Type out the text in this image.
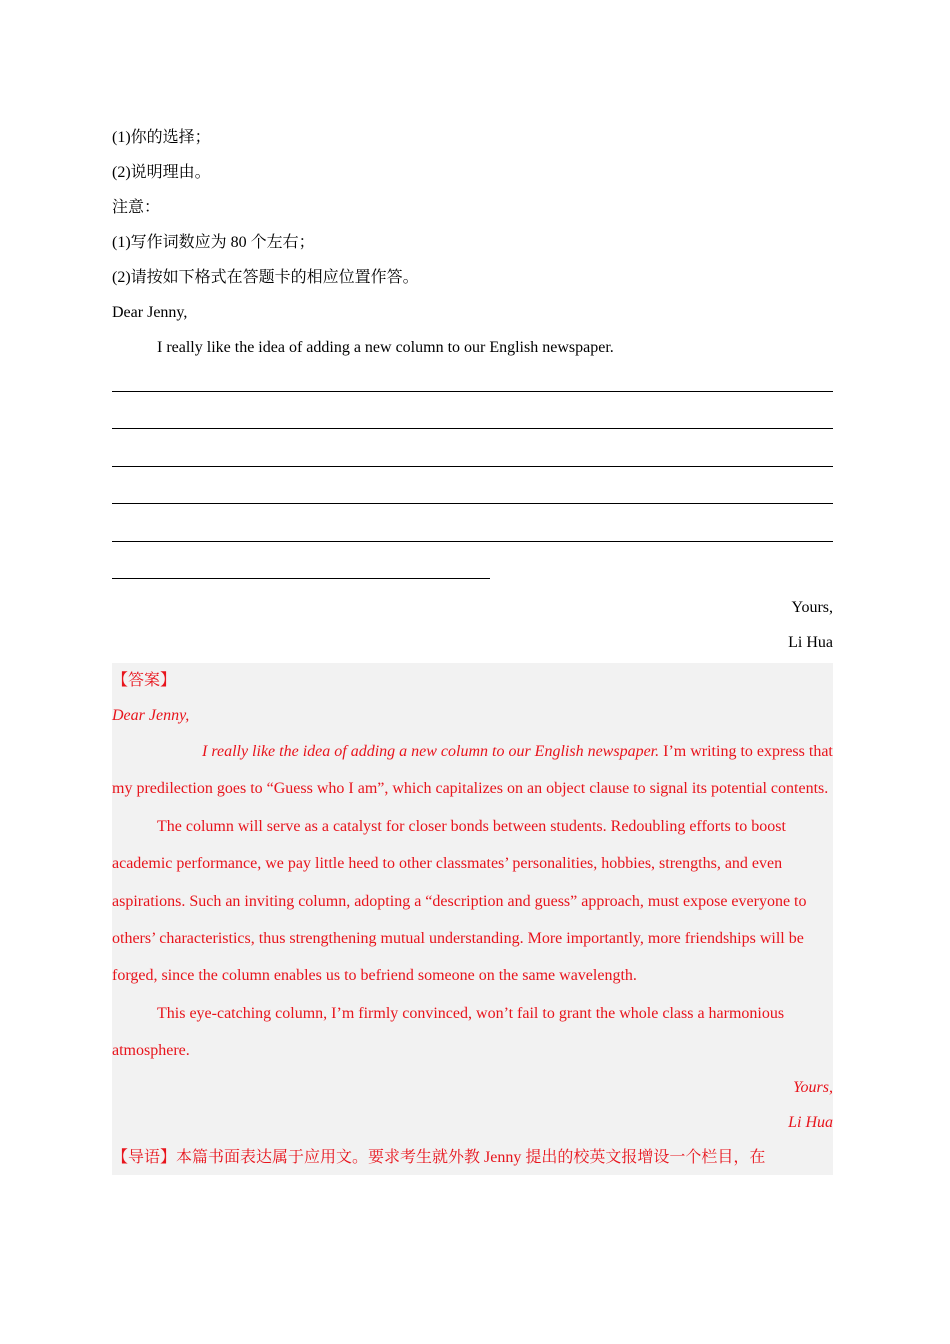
(1)你的选择；
(2)说明理由。
注意：
(1)写作词数应为 80 个左右；
(2)请按如下格式在答题卡的相应位置作答。
Dear Jenny,
I really like the idea of adding a new column to our English newspaper.
Yours,
Li Hua
【答案】
Dear Jenny,
I really like the idea of adding a new column to our English newspaper. I’m writing to express that my predilection goes to “Guess who I am”, which capitalizes on an object clause to signal its potential contents.
The column will serve as a catalyst for closer bonds between students. Redoubling efforts to boost academic performance, we pay little heed to other classmates’ personalities, hobbies, strengths, and even aspirations. Such an inviting column, adopting a “description and guess” approach, must expose everyone to others’ characteristics, thus strengthening mutual understanding. More importantly, more friendships will be forged, since the column enables us to befriend someone on the same wavelength.
This eye-catching column, I’m firmly convinced, won’t fail to grant the whole class a harmonious atmosphere.
Yours,
Li Hua
【导语】本篇书面表达属于应用文。要求考生就外教 Jenny 提出的校英文报增设一个栏目，在
